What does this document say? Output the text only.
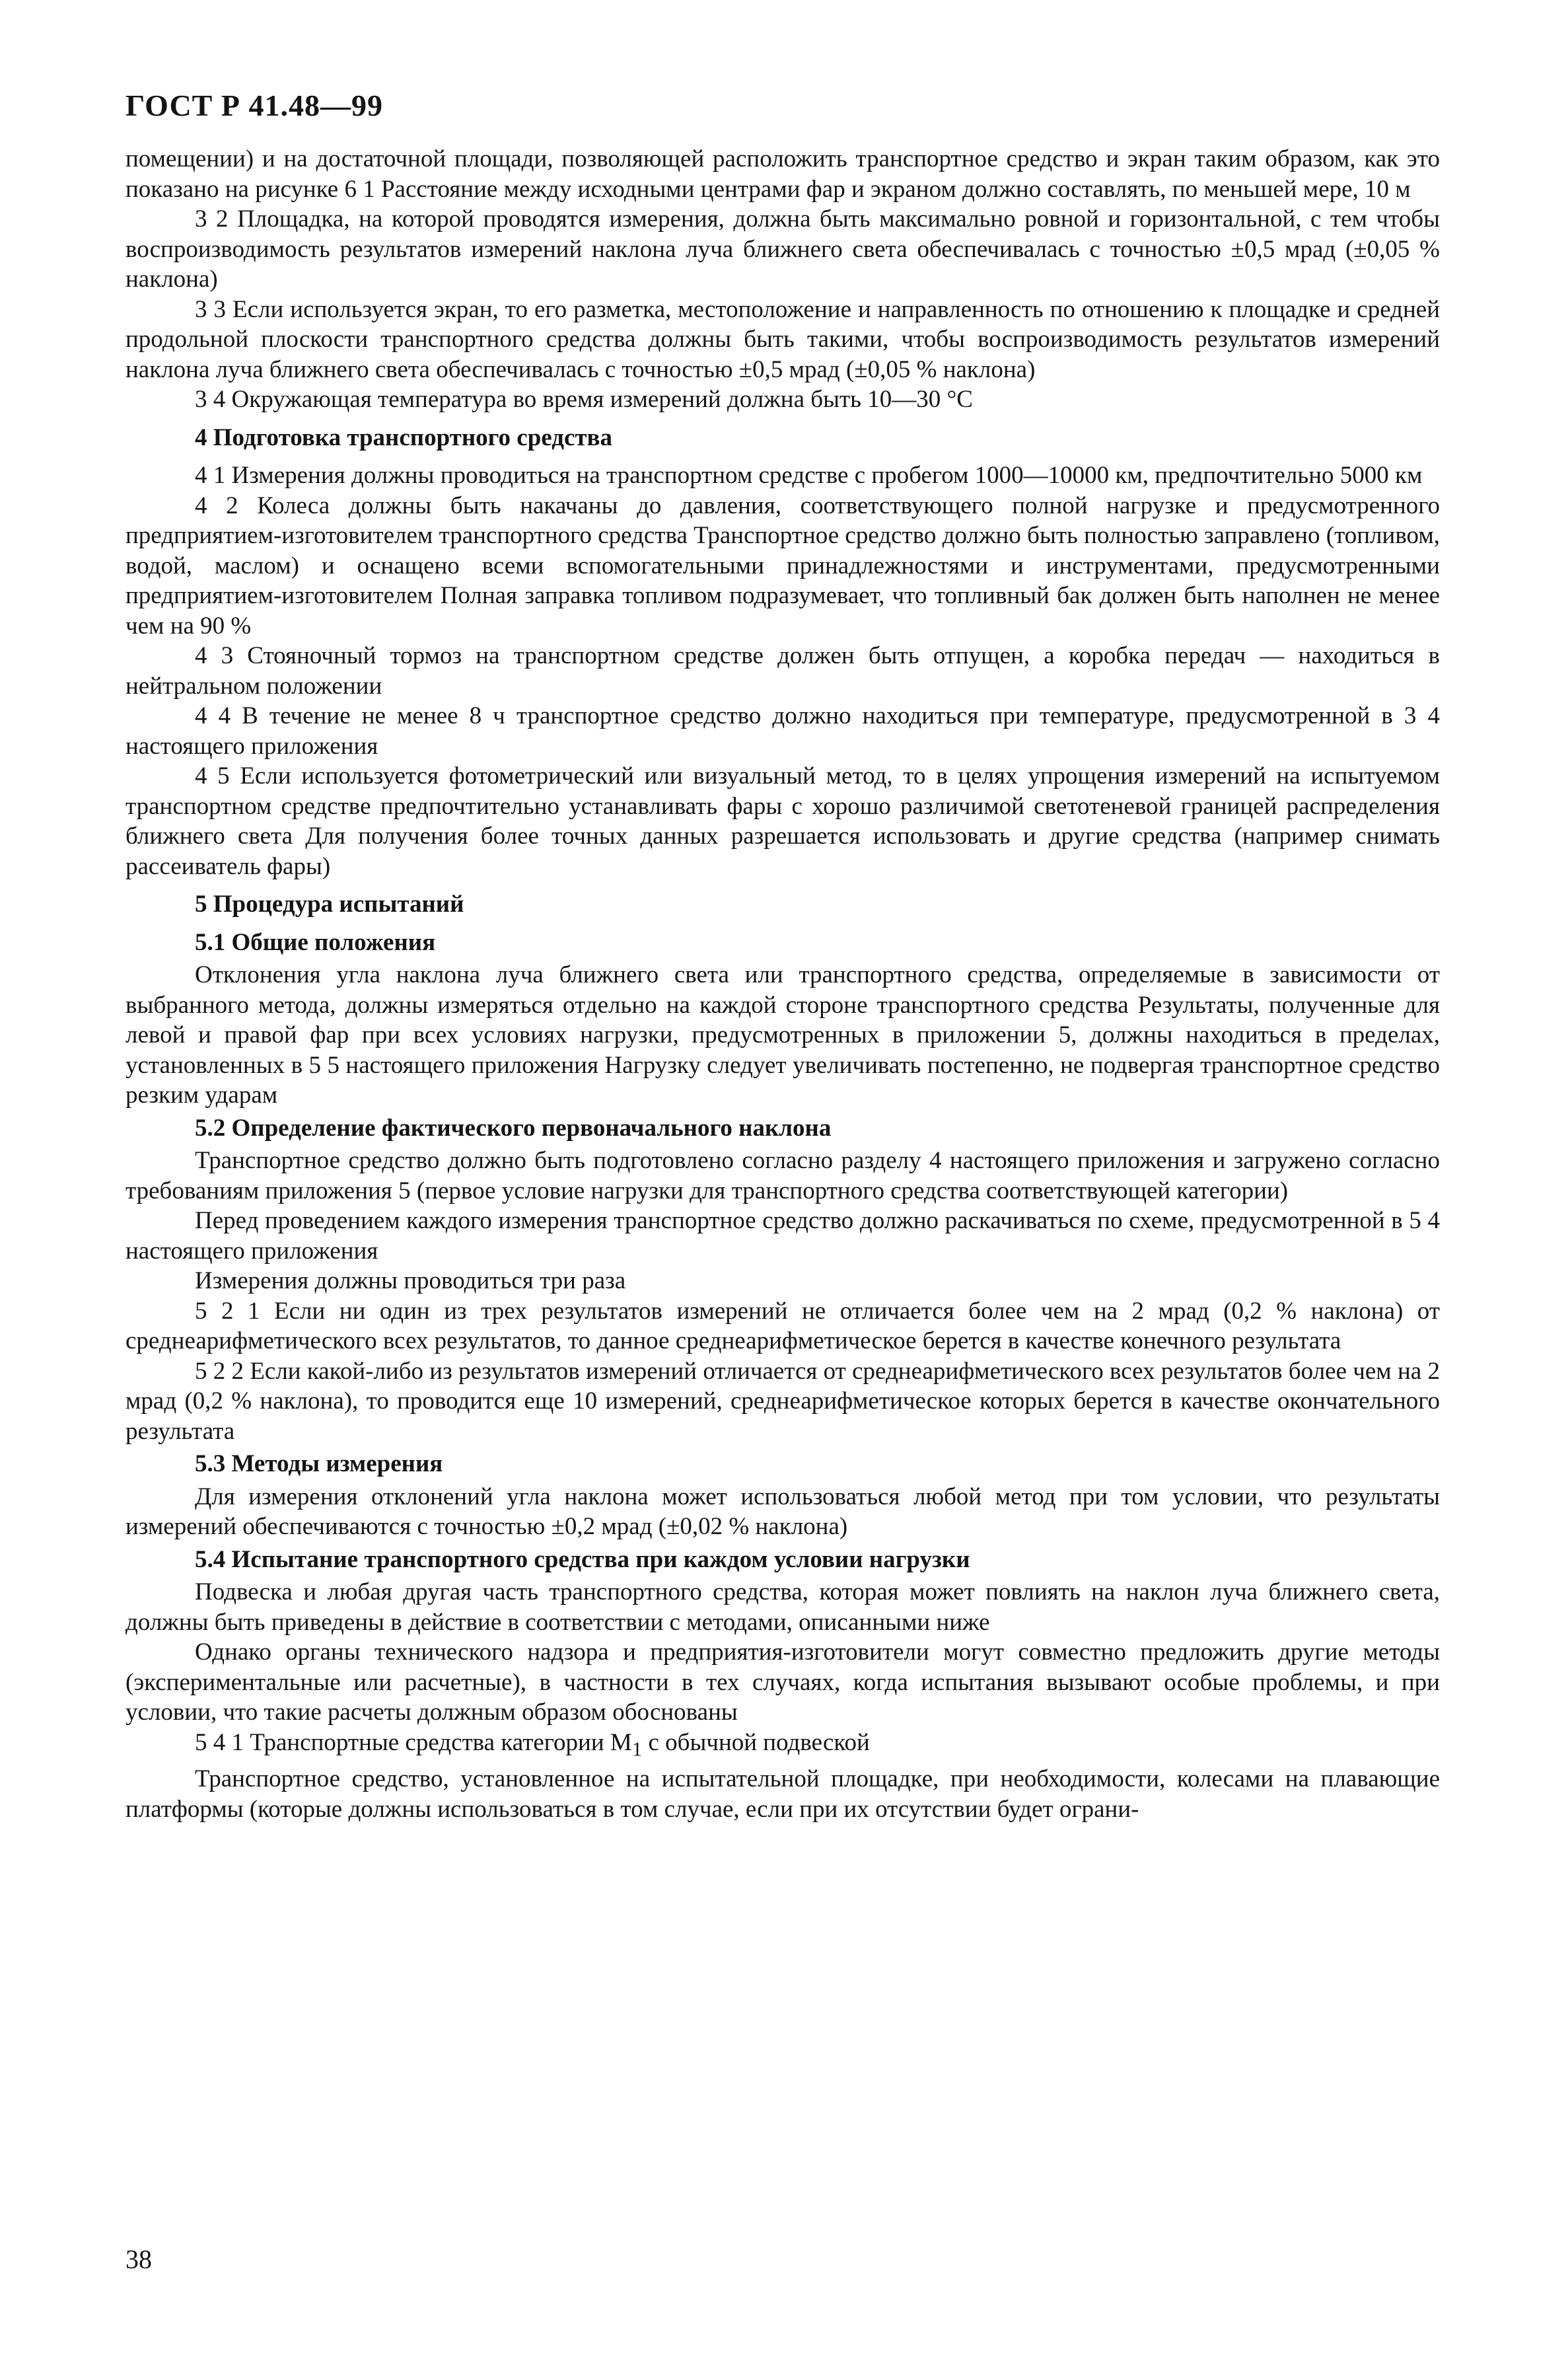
ГОСТ Р 41.48—99

помещении) и на достаточной площади, позволяющей расположить транспортное средство и экран таким образом, как это показано на рисунке 6 1 Расстояние между исходными центрами фар и экраном должно составлять, по меньшей мере, 10 м

3 2 Площадка, на которой проводятся измерения, должна быть максимально ровной и горизонтальной, с тем чтобы воспроизводимость результатов измерений наклона луча ближнего света обеспечивалась с точностью ±0,5 мрад (±0,05 % наклона)

3 3 Если используется экран, то его разметка, местоположение и направленность по отношению к площадке и средней продольной плоскости транспортного средства должны быть такими, чтобы воспроизводимость результатов измерений наклона луча ближнего света обеспечивалась с точностью ±0,5 мрад (±0,05 % наклона)

3 4 Окружающая температура во время измерений должна быть 10—30 °С

4 Подготовка транспортного средства

4 1 Измерения должны проводиться на транспортном средстве с пробегом 1000—10000 км, предпочтительно 5000 км

4 2 Колеса должны быть накачаны до давления, соответствующего полной нагрузке и предусмотренного предприятием-изготовителем транспортного средства Транспортное средство должно быть полностью заправлено (топливом, водой, маслом) и оснащено всеми вспомогательными принадлежностями и инструментами, предусмотренными предприятием-изготовителем Полная заправка топливом подразумевает, что топливный бак должен быть наполнен не менее чем на 90 %

4 3 Стояночный тормоз на транспортном средстве должен быть отпущен, а коробка передач — находиться в нейтральном положении

4 4 В течение не менее 8 ч транспортное средство должно находиться при температуре, предусмотренной в 3 4 настоящего приложения

4 5 Если используется фотометрический или визуальный метод, то в целях упрощения измерений на испытуемом транспортном средстве предпочтительно устанавливать фары с хорошо различимой светотеневой границей распределения ближнего света Для получения более точных данных разрешается использовать и другие средства (например снимать рассеиватель фары)

5 Процедура испытаний
5.1 Общие положения

Отклонения угла наклона луча ближнего света или транспортного средства, определяемые в зависимости от выбранного метода, должны измеряться отдельно на каждой стороне транспортного средства Результаты, полученные для левой и правой фар при всех условиях нагрузки, предусмотренных в приложении 5, должны находиться в пределах, установленных в 5 5 настоящего приложения Нагрузку следует увеличивать постепенно, не подвергая транспортное средство резким ударам

5.2 Определение фактического первоначального наклона

Транспортное средство должно быть подготовлено согласно разделу 4 настоящего приложения и загружено согласно требованиям приложения 5 (первое условие нагрузки для транспортного средства соответствующей категории)

Перед проведением каждого измерения транспортное средство должно раскачиваться по схеме, предусмотренной в 5 4 настоящего приложения

Измерения должны проводиться три раза

5 2 1 Если ни один из трех результатов измерений не отличается более чем на 2 мрад (0,2 % наклона) от среднеарифметического всех результатов, то данное среднеарифметическое берется в качестве конечного результата

5 2 2 Если какой-либо из результатов измерений отличается от среднеарифметического всех результатов более чем на 2 мрад (0,2 % наклона), то проводится еще 10 измерений, среднеарифметическое которых берется в качестве окончательного результата

5.3 Методы измерения

Для измерения отклонений угла наклона может использоваться любой метод при том условии, что результаты измерений обеспечиваются с точностью ±0,2 мрад (±0,02 % наклона)

5.4 Испытание транспортного средства при каждом условии нагрузки

Подвеска и любая другая часть транспортного средства, которая может повлиять на наклон луча ближнего света, должны быть приведены в действие в соответствии с методами, описанными ниже

Однако органы технического надзора и предприятия-изготовители могут совместно предложить другие методы (экспериментальные или расчетные), в частности в тех случаях, когда испытания вызывают особые проблемы, и при условии, что такие расчеты должным образом обоснованы

5 4 1 Транспортные средства категории $M_1$ с обычной подвеской

Транспортное средство, установленное на испытательной площадке, при необходимости, колесами на плавающие платформы (которые должны использоваться в том случае, если при их отсутствии будет ограни-

38
